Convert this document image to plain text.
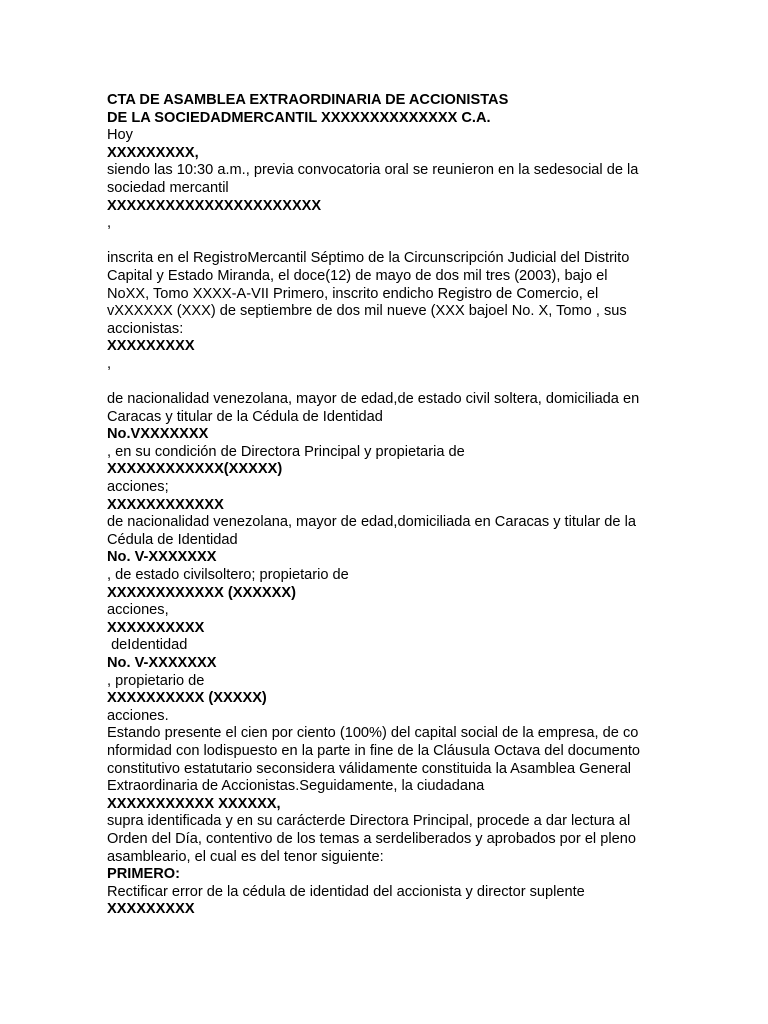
CTA DE ASAMBLEA EXTRAORDINARIA DE ACCIONISTAS
DE LA SOCIEDADMERCANTIL XXXXXXXXXXXXXX C.A.
Hoy
XXXXXXXXX,
siendo las 10:30 a.m., previa convocatoria oral se reunieron en la sedesocial de la
sociedad mercantil
XXXXXXXXXXXXXXXXXXXXXX
,
inscrita en el RegistroMercantil Séptimo de la Circunscripción Judicial del Distrito
Capital y Estado Miranda, el doce(12) de mayo de dos mil tres (2003), bajo el
NoXX, Tomo XXXX-A-VII Primero, inscrito endicho Registro de Comercio, el
vXXXXXX (XXX) de septiembre de dos mil nueve (XXX bajoel No. X, Tomo , sus
accionistas:
XXXXXXXXX
,
de nacionalidad venezolana, mayor de edad,de estado civil soltera, domiciliada en
Caracas y titular de la Cédula de Identidad
No.VXXXXXXX
, en su condición de Directora Principal y propietaria de
XXXXXXXXXXXX(XXXXX)
acciones;
XXXXXXXXXXXX
de nacionalidad venezolana, mayor de edad,domiciliada en Caracas y titular de la
Cédula de Identidad
No. V-XXXXXXX
, de estado civilsoltero; propietario de
XXXXXXXXXXXX (XXXXXX)
acciones,
XXXXXXXXXX
deIdentidad
No. V-XXXXXXX
, propietario de
XXXXXXXXXX (XXXXX)
acciones.
Estando presente el cien por ciento (100%) del capital social de la empresa, de co
nformidad con lodispuesto en la parte in fine de la Cláusula Octava del documento
constitutivo estatutario seconsidera válidamente constituida la Asamblea General
Extraordinaria de Accionistas.Seguidamente, la ciudadana
XXXXXXXXXXX XXXXXX,
supra identificada y en su carácterde Directora Principal, procede a dar lectura al
Orden del Día, contentivo de los temas a serdeliberados y aprobados por el pleno
asambleario, el cual es del tenor siguiente:
PRIMERO:
Rectificar error de la cédula de identidad del accionista y director suplente
XXXXXXXXX
